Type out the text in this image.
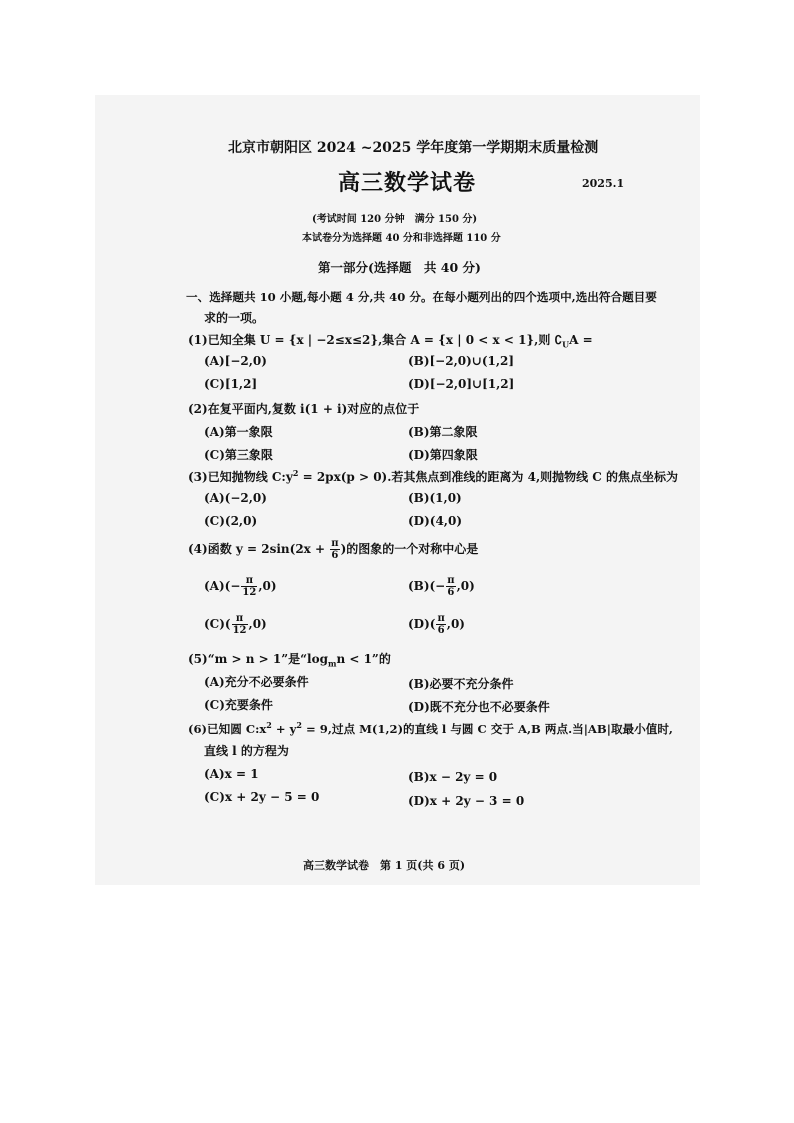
北京市朝阳区 2024 ~2025 学年度第一学期期末质量检测
高三数学试卷	2025.1
(考试时间 120 分钟　满分 150 分)
本试卷分为选择题 40 分和非选择题 110 分
第一部分(选择题　共 40 分)
一、选择题共 10 小题,每小题 4 分,共 40 分。在每小题列出的四个选项中,选出符合题目要
求的一项。
(1)已知全集 U = {x | −2≤x≤2},集合 A = {x | 0 < x < 1},则 $∁_UA$ =
(A)[−2,0)	(B)[−2,0)∪(1,2]
(C)[1,2]	(D)[−2,0]∪[1,2]
(2)在复平面内,复数 i(1 + i)对应的点位于
(A)第一象限	(B)第二象限
(C)第三象限	(D)第四象限
(3)已知抛物线 $C:y^2 = 2px(p > 0)$.若其焦点到准线的距离为 4,则抛物线 C 的焦点坐标为
(A)(−2,0)	(B)(1,0)
(C)(2,0)	(D)(4,0)
(4)函数 $y = 2\sin(2x + \frac{\pi}{6}$ )的图象的一个对称中心是
$(A)(- \frac{\pi}{12} ,0)$	$(B)(- \frac{\pi}{6} ,0)$
$(C)( \frac{\pi}{12} ,0)$	$(D)( \frac{\pi}{6} ,0)$
(5)“m > n > 1”是“$\log_mn < 1$”的
(A)充分不必要条件	(B)必要不充分条件
(C)充要条件	(D)既不充分也不必要条件
(6)已知圆 $C:x^2 + y^2 = 9$,过点 M(1,2)的直线 l 与圆 C 交于 A,B 两点.当|AB|取最小值时,
直线 l 的方程为
(A)x = 1	(B)x − 2y = 0
(C)x + 2y − 5 = 0	(D)x + 2y − 3 = 0
高三数学试卷　第 1 页(共 6 页)
